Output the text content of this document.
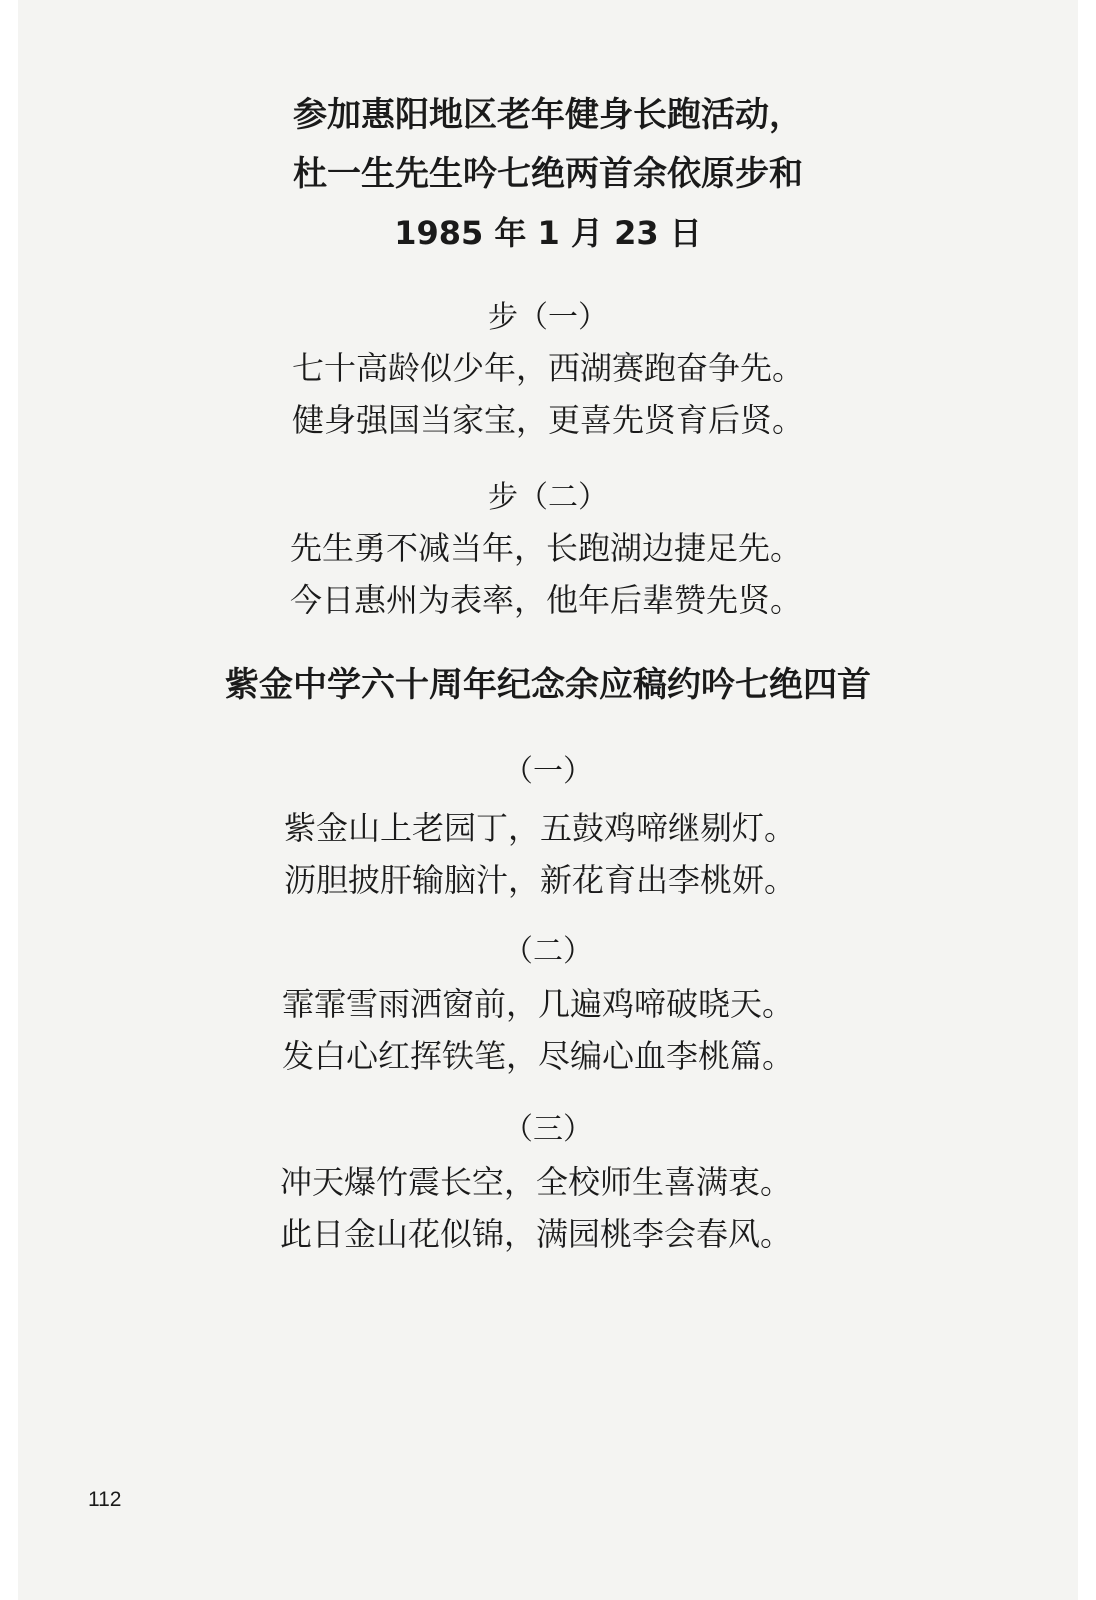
参加惠阳地区老年健身长跑活动，
杜一生先生吟七绝两首余依原步和
1985 年 1 月 23 日
步（一）
七十高龄似少年，西湖赛跑奋争先。
健身强国当家宝，更喜先贤育后贤。
步（二）
先生勇不减当年，长跑湖边捷足先。
今日惠州为表率，他年后辈赞先贤。
紫金中学六十周年纪念余应稿约吟七绝四首
（一）
紫金山上老园丁，五鼓鸡啼继剔灯。
沥胆披肝输脑汁，新花育出李桃妍。
（二）
霏霏雪雨洒窗前，几遍鸡啼破晓天。
发白心红挥铁笔，尽编心血李桃篇。
（三）
冲天爆竹震长空，全校师生喜满衷。
此日金山花似锦，满园桃李会春风。
112
